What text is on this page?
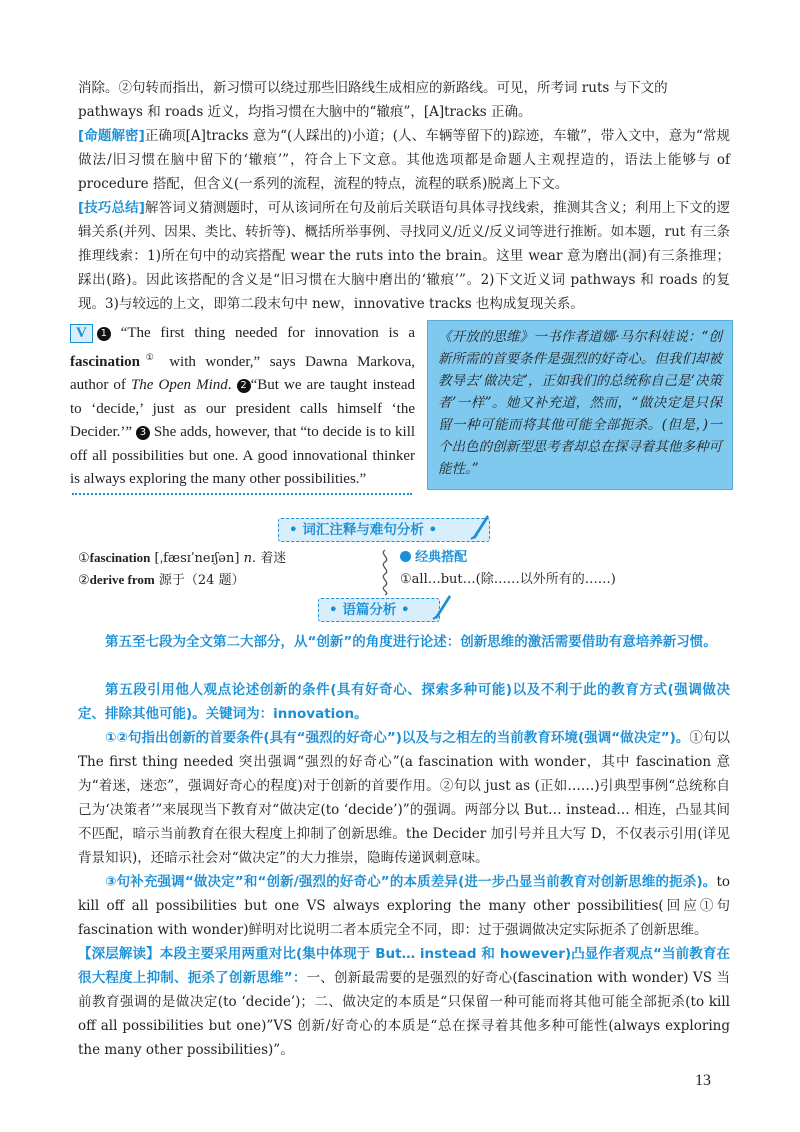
消除。②句转而指出，新习惯可以绕过那些旧路线生成相应的新路线。可见，所考词 ruts 与下文的

pathways 和 roads 近义，均指习惯在大脑中的“辙痕”，[A]tracks 正确。

[命题解密]正确项[A]tracks 意为“(人踩出的)小道；(人、车辆等留下的)踪迹，车辙”，带入文中，意为“常规做法/旧习惯在脑中留下的‘辙痕’”，符合上下文意。其他选项都是命题人主观捏造的，语法上能够与 of procedure 搭配，但含义(一系列的流程，流程的特点，流程的联系)脱离上下文。

[技巧总结]解答词义猜测题时，可从该词所在句及前后关联语句具体寻找线索，推测其含义；利用上下文的逻辑关系(并列、因果、类比、转折等)、概括所举事例、寻找同义/近义/反义词等进行推断。如本题，rut 有三条推理线索：1)所在句中的动宾搭配 wear the ruts into the brain。这里 wear 意为磨出(洞)有三条推理；踩出(路)。因此该搭配的含义是“旧习惯在大脑中磨出的‘辙痕’”。2)下文近义词 pathways 和 roads 的复现。3)与较远的上文，即第二段末句中 new，innovative tracks 也构成复现关系。

V 1 “The first thing needed for innovation is a fascination① with wonder,” says Dawna Markova, author of The Open Mind. 2 “But we are taught instead to ‘decide,’ just as our president calls himself ‘the Decider.’” 3 She adds, however, that “to decide is to kill off all possibilities but one. A good innovational thinker is always exploring the many other possibilities.”
《开放的思维》一书作者道娜·马尔科娃说：“创新所需的首要条件是强烈的好奇心。但我们却被教导去‘做决定’，正如我们的总统称自己是‘决策者’一样”。她又补充道，然而，“做决定是只保留一种可能而将其他可能全部扼杀。(但是，)一个出色的创新型思考者却总在探寻着其他多种可能性。”
• 词汇注释与难句分析 •
①fascination [ˌfæsɪˈneɪʃən] n. 着迷
②derive from 源于（24 题）
经典搭配
①all…but…(除……以外所有的……)
• 语篇分析 •

第五至七段为全文第二大部分，从“创新”的角度进行论述：创新思维的激活需要借助有意培养新习惯。

第五段引用他人观点论述创新的条件(具有好奇心、探索多种可能)以及不利于此的教育方式(强调做决定、排除其他可能)。关键词为：innovation。

①②句指出创新的首要条件(具有“强烈的好奇心”)以及与之相左的当前教育环境(强调“做决定”)。①句以 The first thing needed 突出强调“强烈的好奇心”(a fascination with wonder，其中 fascination 意为“着迷，迷恋”，强调好奇心的程度)对于创新的首要作用。②句以 just as (正如……)引典型事例“总统称自己为‘决策者’”来展现当下教育对“做决定(to ‘decide’)”的强调。两部分以 But… instead… 相连，凸显其间不匹配，暗示当前教育在很大程度上抑制了创新思维。the Decider 加引号并且大写 D，不仅表示引用(详见背景知识)，还暗示社会对“做决定”的大力推崇，隐晦传递讽刺意味。

③句补充强调“做决定”和“创新/强烈的好奇心”的本质差异(进一步凸显当前教育对创新思维的扼杀)。to kill off all possibilities but one VS always exploring the many other possibilities(回应①句 fascination with wonder)鲜明对比说明二者本质完全不同，即：过于强调做决定实际扼杀了创新思维。

【深层解读】本段主要采用两重对比(集中体现于 But… instead 和 however)凸显作者观点“当前教育在很大程度上抑制、扼杀了创新思维”：一、创新最需要的是强烈的好奇心(fascination with wonder) VS 当前教育强调的是做决定(to ‘decide’)；二、做决定的本质是“只保留一种可能而将其他可能全部扼杀(to kill off all possibilities but one)”VS 创新/好奇心的本质是“总在探寻着其他多种可能性(always exploring the many other possibilities)”。

13
